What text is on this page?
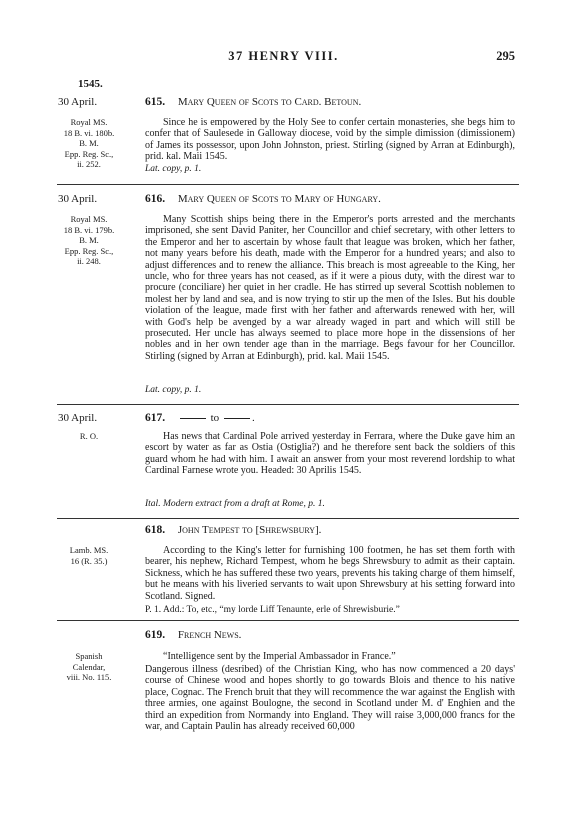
37 HENRY VIII.	295
1545.
30 April.	615. Mary Queen of Scots to Card. Betoun.
Royal MS.
18 B. vi. 180b.
B. M.
Epp. Reg. Sc.,
ii. 252.
Since he is empowered by the Holy See to confer certain monasteries, she begs him to confer that of Saulesede in Galloway diocese, void by the simple dimission (dimissionem) of James its possessor, upon John Johnston, priest. Stirling (signed by Arran at Edinburgh), prid. kal. Maii 1545.
Lat. copy, p. 1.
30 April.	616. Mary Queen of Scots to Mary of Hungary.
Royal MS.
18 B. vi. 179b.
B. M.
Epp. Reg. Sc.,
ii. 248.
Many Scottish ships being there in the Emperor's ports arrested and the merchants imprisoned, she sent David Paniter, her Councillor and chief secretary, with other letters to the Emperor and her to ascertain by whose fault that league was broken, which her father, not many years before his death, made with the Emperor for a hundred years; and also to adjust differences and to renew the alliance. This breach is most agreeable to the King, her uncle, who for three years has not ceased, as if it were a pious duty, with the direst war to procure (conciliare) her quiet in her cradle. He has stirred up several Scottish noblemen to molest her by land and sea, and is now trying to stir up the men of the Isles. But his double violation of the league, made first with her father and afterwards renewed with her, will with God's help be avenged by a war already waged in part and which will still be prosecuted. Her uncle has always seemed to place more hope in the dissensions of her nobles and in her own tender age than in the marriage. Begs favour for her Councillor. Stirling (signed by Arran at Edinburgh), prid. kal. Maii 1545.
Lat. copy, p. 1.
30 April.	617.	to	.
R. O.	Has news that Cardinal Pole arrived yesterday in Ferrara, where the Duke gave him an escort by water as far as Ostia (Ostiglia?) and he therefore sent back the soldiers of this guard whom he had with him. I await an answer from your most reverend lordship to what Cardinal Farnese wrote you. Headed: 30 Aprilis 1545.
Ital. Modern extract from a draft at Rome, p. 1.
618. John Tempest to [Shrewsbury].
Lamb. MS.
16 (R. 35.)
According to the King's letter for furnishing 100 footmen, he has set them forth with bearer, his nephew, Richard Tempest, whom he begs Shrewsbury to admit as their captain. Sickness, which he has suffered these two years, prevents his taking charge of them himself, but he means with his liveried servants to wait upon Shrewsbury at his setting forward into Scotland. Signed.
P. 1. Add.: To, etc., “my lorde Liff Tenaunte, erle of Shrewisburie.”
619. French News.
Spanish
Calendar,
viii. No. 115.
“Intelligence sent by the Imperial Ambassador in France.”
Dangerous illness (desribed) of the Christian King, who has now commenced a 20 days' course of Chinese wood and hopes shortly to go towards Blois and thence to his native place, Cognac. The French bruit that they will recommence the war against the English with three armies, one against Boulogne, the second in Scotland under M. d' Enghien and the third an expedition from Normandy into England. They will raise 3,000,000 francs for the war, and Captain Paulin has already received 60,000
